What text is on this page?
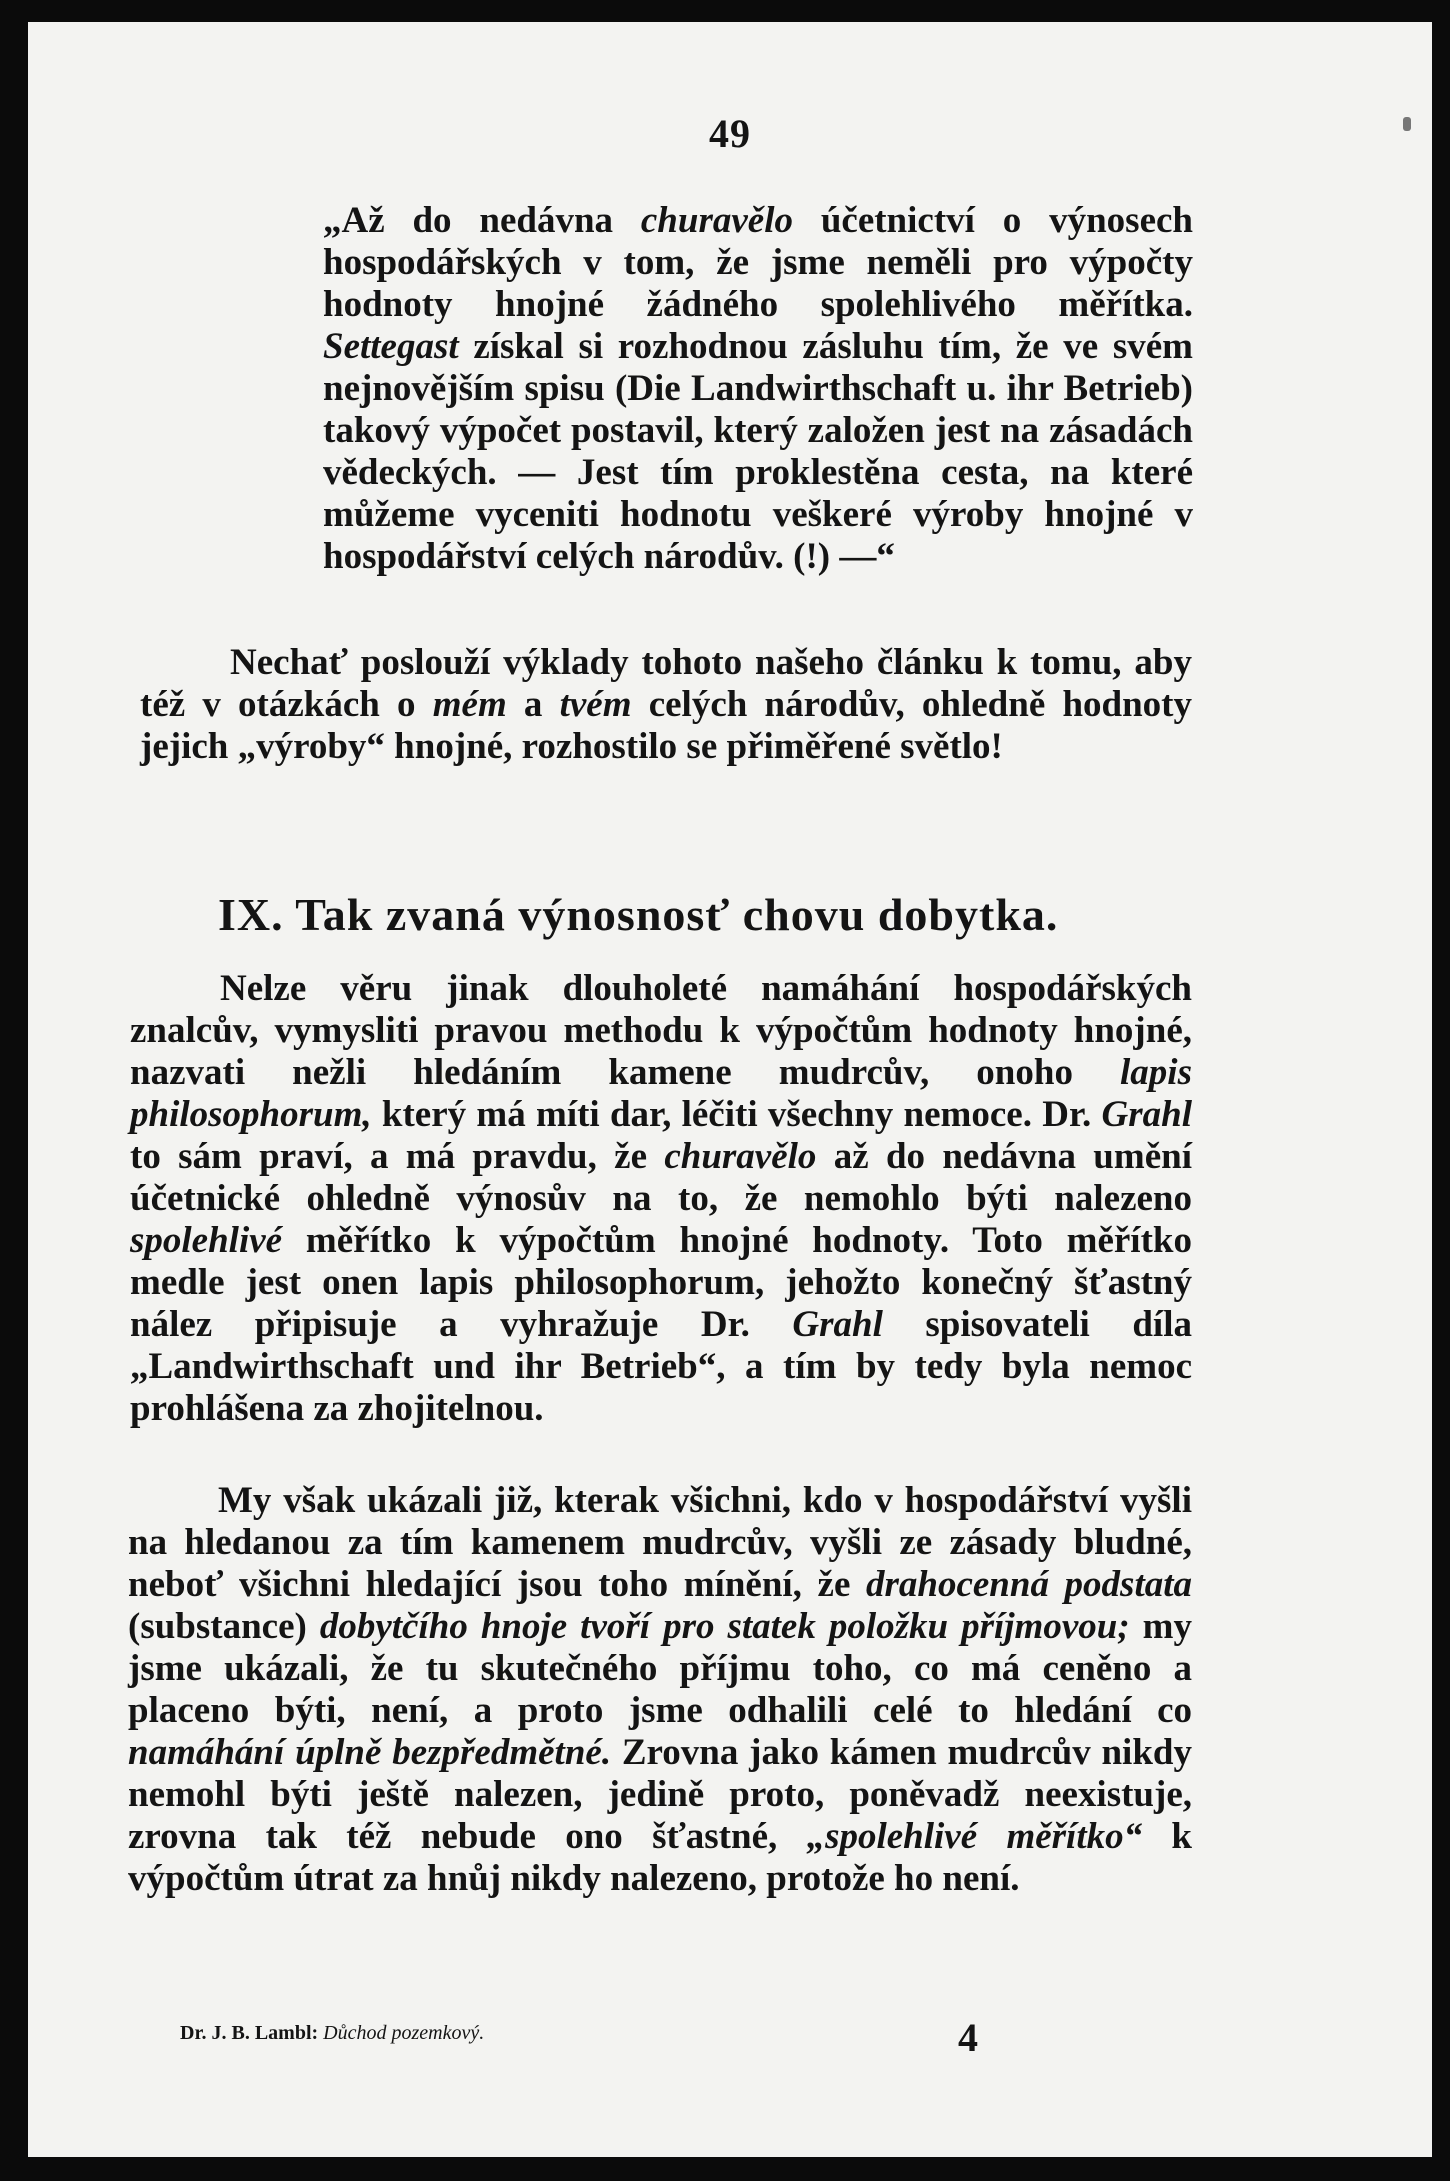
49

„Až do nedávna churavělo účetnictví o výnosech hospodářských v tom, že jsme neměli pro výpočty hodnoty hnojné žádného spolehlivého měřítka. Settegast získal si rozhodnou zásluhu tím, že ve svém nejnovějším spisu (Die Landwirthschaft u. ihr Betrieb) takový výpočet postavil, který založen jest na zásadách vědeckých. — Jest tím proklestěna cesta, na které můžeme vyceniti hodnotu veškeré výroby hnojné v hospodářství celých národův. (!) —“

Nechať poslouží výklady tohoto našeho článku k tomu, aby též v otázkách o mém a tvém celých národův, ohledně hodnoty jejich „výroby“ hnojné, rozhostilo se přiměřené světlo!

IX. Tak zvaná výnosnosť chovu dobytka.

Nelze věru jinak dlouholeté namáhání hospodářských znalcův, vymysliti pravou methodu k výpočtům hodnoty hnojné, nazvati nežli hledáním kamene mudrcův, onoho lapis philosophorum, který má míti dar, léčiti všechny nemoce. Dr. Grahl to sám praví, a má pravdu, že churavělo až do nedávna umění účetnické ohledně výnosův na to, že nemohlo býti nalezeno spolehlivé měřítko k výpočtům hnojné hodnoty. Toto měřítko medle jest onen lapis philosophorum, jehožto konečný šťastný nález připisuje a vyhražuje Dr. Grahl spisovateli díla „Landwirthschaft und ihr Betrieb“, a tím by tedy byla nemoc prohlášena za zhojitelnou.

My však ukázali již, kterak všichni, kdo v hospodářství vyšli na hledanou za tím kamenem mudrcův, vyšli ze zásady bludné, neboť všichni hledající jsou toho mínění, že drahocenná podstata (substance) dobytčího hnoje tvoří pro statek položku příjmovou; my jsme ukázali, že tu skutečného příjmu toho, co má ceněno a placeno býti, není, a proto jsme odhalili celé to hledání co namáhání úplně bezpředmětné. Zrovna jako kámen mudrcův nikdy nemohl býti ještě nalezen, jedině proto, poněvadž neexistuje, zrovna tak též nebude ono šťastné, „spolehlivé měřítko“ k výpočtům útrat za hnůj nikdy nalezeno, protože ho není.

Dr. J. B. Lambl: Důchod pozemkový.	4
